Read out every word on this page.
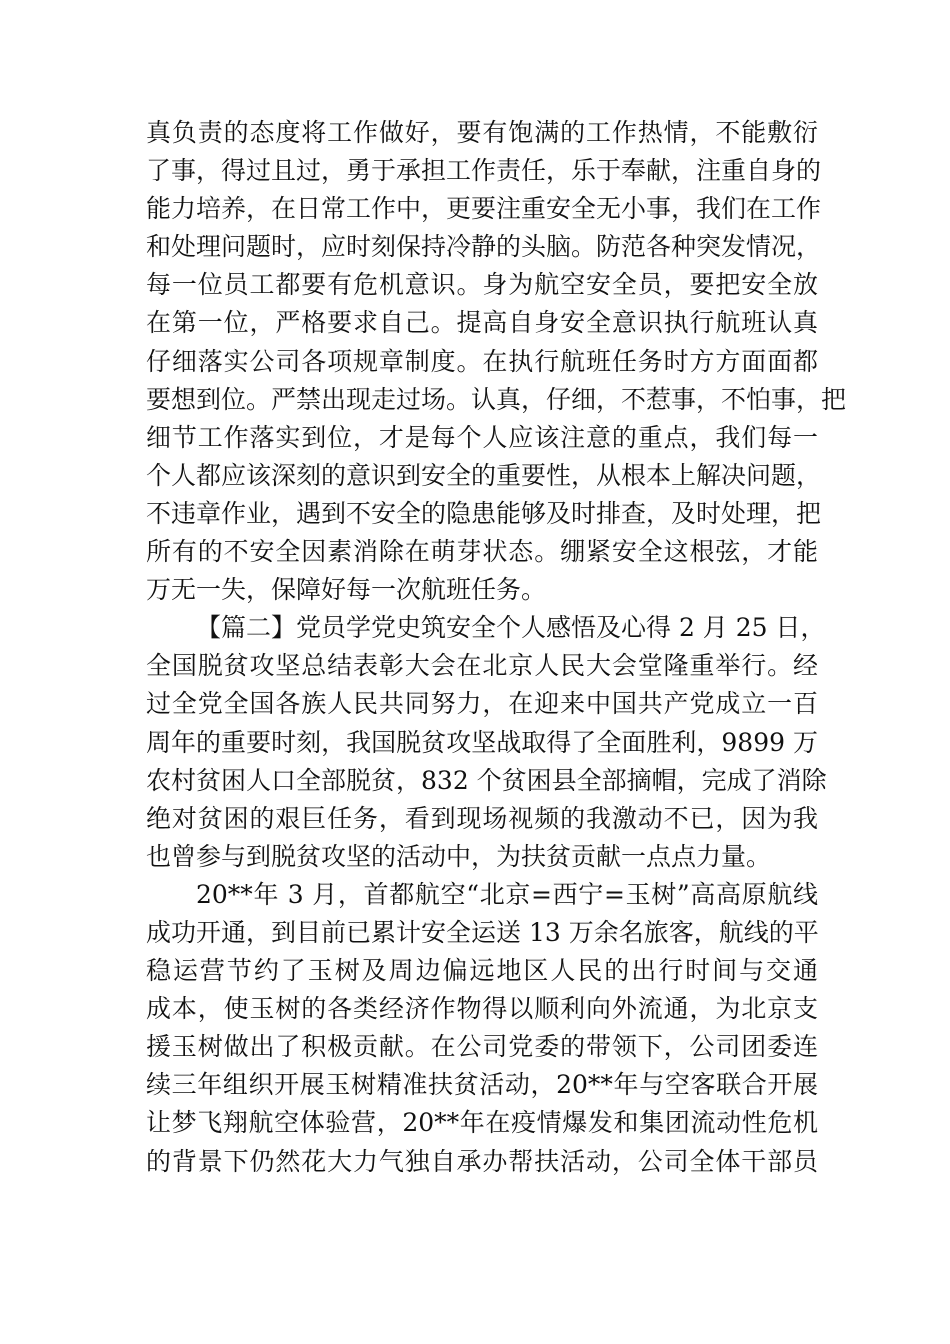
真负责的态度将工作做好，要有饱满的工作热情，不能敷衍
了事，得过且过，勇于承担工作责任，乐于奉献，注重自身的
能力培养，在日常工作中，更要注重安全无小事，我们在工作
和处理问题时，应时刻保持冷静的头脑。防范各种突发情况，
每一位员工都要有危机意识。身为航空安全员，要把安全放
在第一位，严格要求自己。提高自身安全意识执行航班认真
仔细落实公司各项规章制度。在执行航班任务时方方面面都
要想到位。严禁出现走过场。认真，仔细，不惹事，不怕事，把
细节工作落实到位，才是每个人应该注意的重点，我们每一
个人都应该深刻的意识到安全的重要性，从根本上解决问题，
不违章作业，遇到不安全的隐患能够及时排查，及时处理，把
所有的不安全因素消除在萌芽状态。绷紧安全这根弦，才能
万无一失，保障好每一次航班任务。
【篇二】党员学党史筑安全个人感悟及心得 2 月 25 日，
全国脱贫攻坚总结表彰大会在北京人民大会堂隆重举行。经
过全党全国各族人民共同努力，在迎来中国共产党成立一百
周年的重要时刻，我国脱贫攻坚战取得了全面胜利，9899 万
农村贫困人口全部脱贫，832 个贫困县全部摘帽，完成了消除
绝对贫困的艰巨任务，看到现场视频的我激动不已，因为我
也曾参与到脱贫攻坚的活动中，为扶贫贡献一点点力量。
20**年 3 月，首都航空“北京=西宁=玉树”高高原航线
成功开通，到目前已累计安全运送 13 万余名旅客，航线的平
稳运营节约了玉树及周边偏远地区人民的出行时间与交通
成本，使玉树的各类经济作物得以顺利向外流通，为北京支
援玉树做出了积极贡献。在公司党委的带领下，公司团委连
续三年组织开展玉树精准扶贫活动，20**年与空客联合开展
让梦飞翔航空体验营，20**年在疫情爆发和集团流动性危机
的背景下仍然花大力气独自承办帮扶活动，公司全体干部员
